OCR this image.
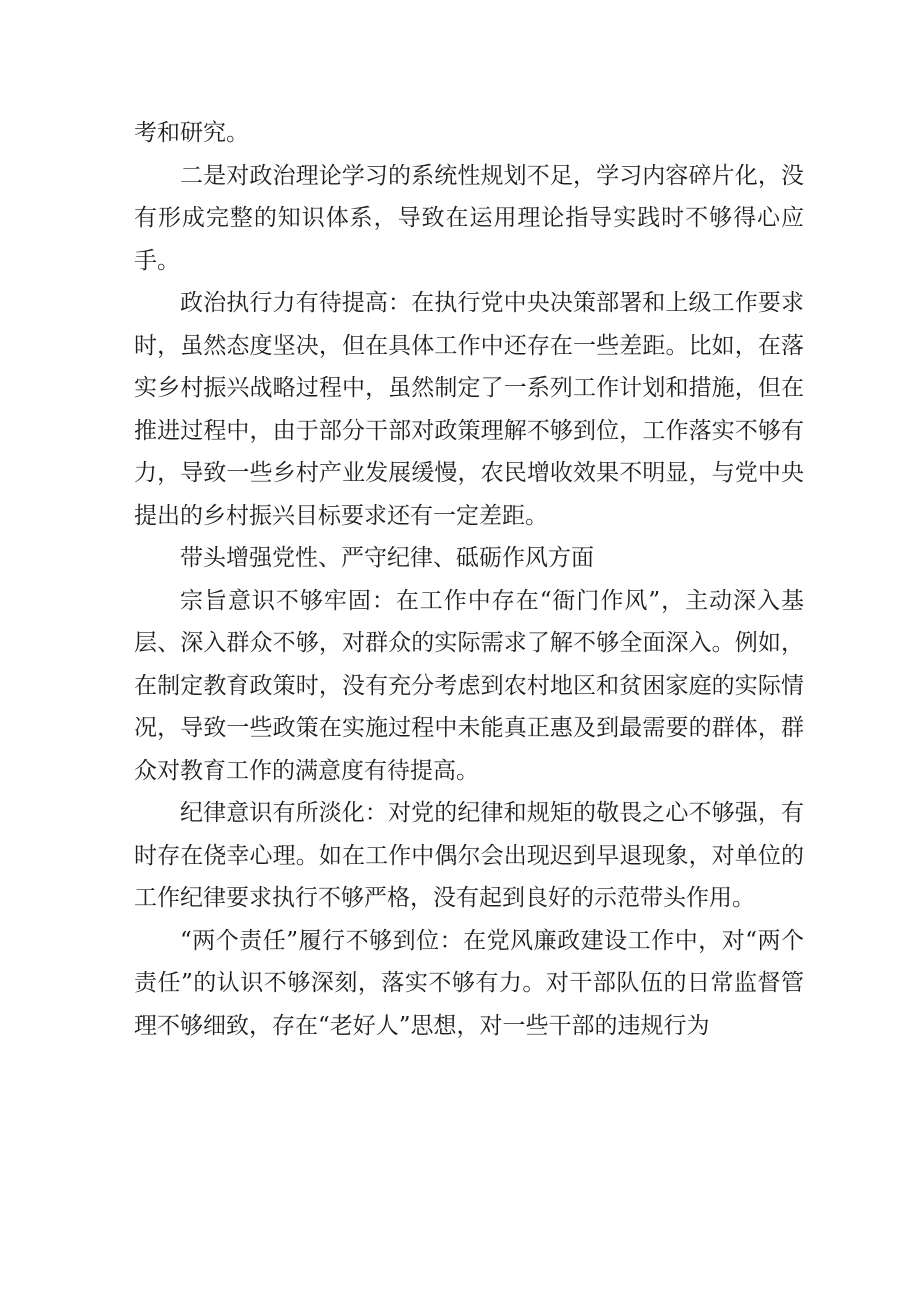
考和研究。

二是对政治理论学习的系统性规划不足，学习内容碎片化，没有形成完整的知识体系，导致在运用理论指导实践时不够得心应手。

政治执行力有待提高：在执行党中央决策部署和上级工作要求时，虽然态度坚决，但在具体工作中还存在一些差距。比如，在落实乡村振兴战略过程中，虽然制定了一系列工作计划和措施，但在推进过程中，由于部分干部对政策理解不够到位，工作落实不够有力，导致一些乡村产业发展缓慢，农民增收效果不明显，与党中央提出的乡村振兴目标要求还有一定差距。

带头增强党性、严守纪律、砥砺作风方面

宗旨意识不够牢固：在工作中存在“衙门作风”，主动深入基层、深入群众不够，对群众的实际需求了解不够全面深入。例如，在制定教育政策时，没有充分考虑到农村地区和贫困家庭的实际情况，导致一些政策在实施过程中未能真正惠及到最需要的群体，群众对教育工作的满意度有待提高。

纪律意识有所淡化：对党的纪律和规矩的敬畏之心不够强，有时存在侥幸心理。如在工作中偶尔会出现迟到早退现象，对单位的工作纪律要求执行不够严格，没有起到良好的示范带头作用。

“两个责任”履行不够到位：在党风廉政建设工作中，对“两个责任”的认识不够深刻，落实不够有力。对干部队伍的日常监督管理不够细致，存在“老好人”思想，对一些干部的违规行为
